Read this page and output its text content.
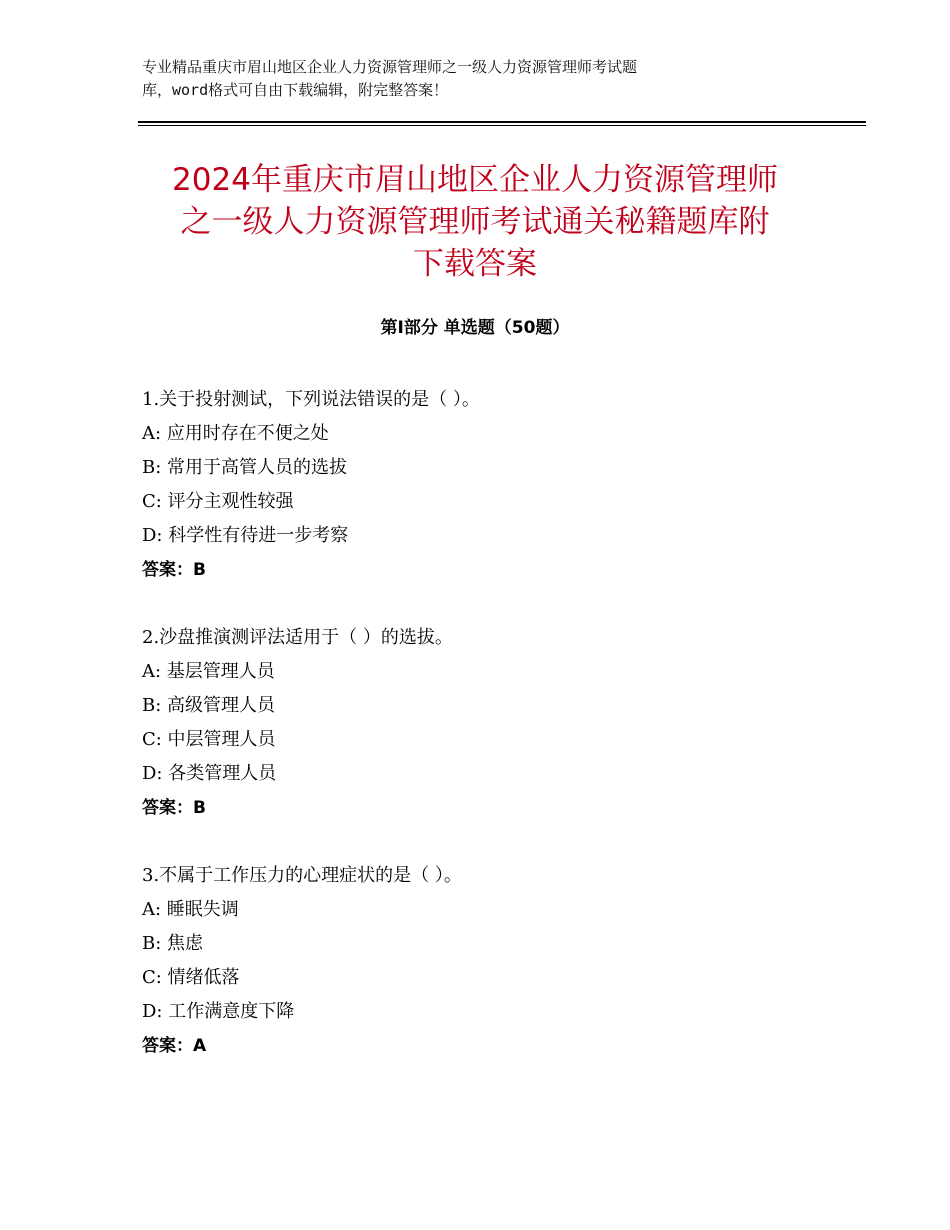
专业精品重庆市眉山地区企业人力资源管理师之一级人力资源管理师考试题
库，word格式可自由下载编辑，附完整答案！
2024年重庆市眉山地区企业人力资源管理师
之一级人力资源管理师考试通关秘籍题库附
下载答案
第Ⅰ部分 单选题（50题）
1.关于投射测试，下列说法错误的是（ ）。
A: 应用时存在不便之处
B: 常用于高管人员的选拔
C: 评分主观性较强
D: 科学性有待进一步考察
答案：B
2.沙盘推演测评法适用于（ ）的选拔。
A: 基层管理人员
B: 高级管理人员
C: 中层管理人员
D: 各类管理人员
答案：B
3.不属于工作压力的心理症状的是（ ）。
A: 睡眠失调
B: 焦虑
C: 情绪低落
D: 工作满意度下降
答案：A
